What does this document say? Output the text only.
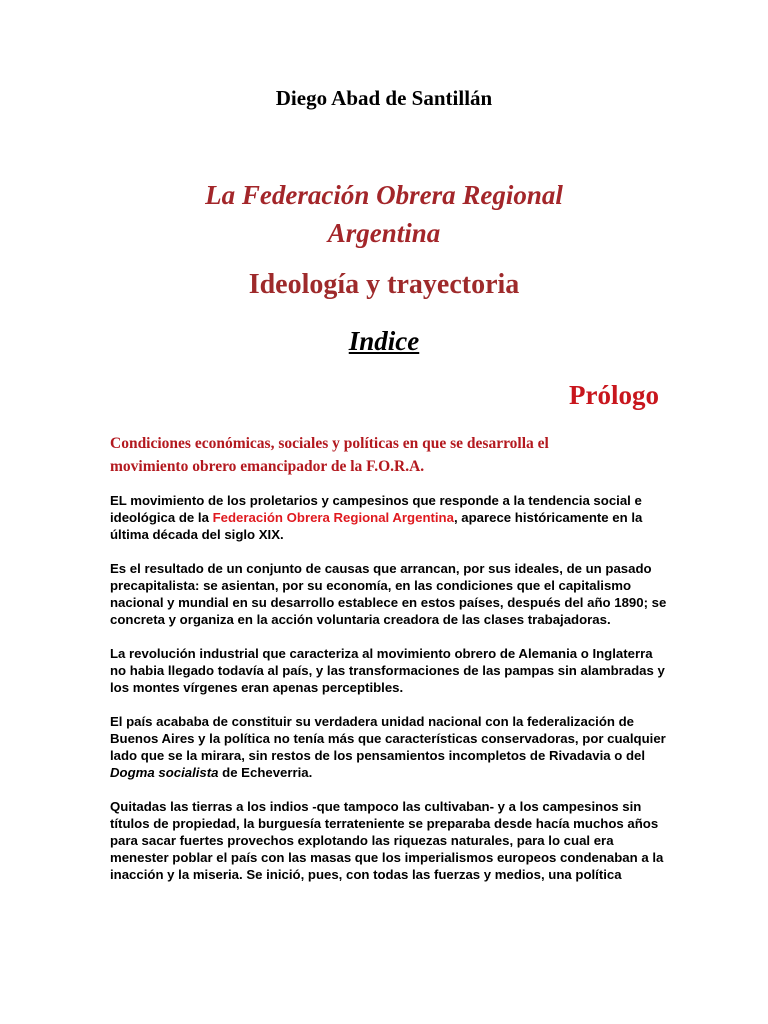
Diego Abad de Santillán
La Federación Obrera Regional
Argentina
Ideología y trayectoria
Indice
Prólogo
Condiciones económicas, sociales y políticas en que se desarrolla el
movimiento obrero emancipador de la F.O.R.A.

EL movimiento de los proletarios y campesinos que responde a la tendencia social e ideológica de la Federación Obrera Regional Argentina, aparece históricamente en la última década del siglo XIX.

Es el resultado de un conjunto de causas que arrancan, por sus ideales, de un pasado precapitalista: se asientan, por su economía, en las condiciones que el capitalismo nacional y mundial en su desarrollo establece en estos países, después del año 1890; se concreta y organiza en la acción voluntaria creadora de las clases trabajadoras.

La revolución industrial que caracteriza al movimiento obrero de Alemania o Inglaterra no habia llegado todavía al país, y las transformaciones de las pampas sin alambradas y los montes vírgenes eran apenas perceptibles.

El país acababa de constituir su verdadera unidad nacional con la federalización de Buenos Aires y la política no tenía más que características conservadoras, por cualquier lado que se la mirara, sin restos de los pensamientos incompletos de Rivadavia o del Dogma socialista de Echeverria.

Quitadas las tierras a los indios -que tampoco las cultivaban- y a los campesinos sin títulos de propiedad, la burguesía terrateniente se preparaba desde hacía muchos años para sacar fuertes provechos explotando las riquezas naturales, para lo cual era menester poblar el país con las masas que los imperialismos europeos condenaban a la inacción y la miseria. Se inició, pues, con todas las fuerzas y medios, una política
